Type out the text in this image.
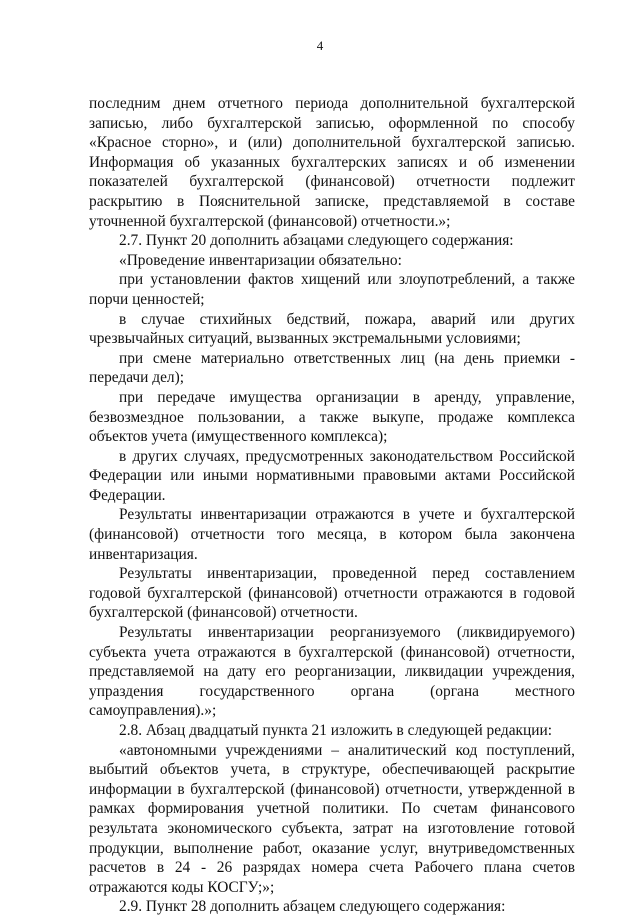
4

последним днем отчетного периода дополнительной бухгалтерской записью, либо бухгалтерской записью, оформленной по способу «Красное сторно», и (или) дополнительной бухгалтерской записью. Информация об указанных бухгалтерских записях и об изменении показателей бухгалтерской (финансовой) отчетности подлежит раскрытию в Пояснительной записке, представляемой в составе уточненной бухгалтерской (финансовой) отчетности.»;

2.7. Пункт 20 дополнить абзацами следующего содержания:

«Проведение инвентаризации обязательно:

при установлении фактов хищений или злоупотреблений, а также порчи ценностей;

в случае стихийных бедствий, пожара, аварий или других чрезвычайных ситуаций, вызванных экстремальными условиями;

при смене материально ответственных лиц (на день приемки - передачи дел);

при передаче имущества организации в аренду, управление, безвозмездное пользовании, а также выкупе, продаже комплекса объектов учета (имущественного комплекса);

в других случаях, предусмотренных законодательством Российской Федерации или иными нормативными правовыми актами Российской Федерации.

Результаты инвентаризации отражаются в учете и бухгалтерской (финансовой) отчетности того месяца, в котором была закончена инвентаризация.

Результаты инвентаризации, проведенной перед составлением годовой бухгалтерской (финансовой) отчетности отражаются в годовой бухгалтерской (финансовой) отчетности.

Результаты инвентаризации реорганизуемого (ликвидируемого) субъекта учета отражаются в бухгалтерской (финансовой) отчетности, представляемой на дату его реорганизации, ликвидации учреждения, упраздения государственного органа (органа местного самоуправления).»;

2.8. Абзац двадцатый пункта 21 изложить в следующей редакции:

«автономными учреждениями – аналитический код поступлений, выбытий объектов учета, в структуре, обеспечивающей раскрытие информации в бухгалтерской (финансовой) отчетности, утвержденной в рамках формирования учетной политики. По счетам финансового результата экономического субъекта, затрат на изготовление готовой продукции, выполнение работ, оказание услуг, внутриведомственных расчетов в 24 - 26 разрядах номера счета Рабочего плана счетов отражаются коды КОСГУ;»;

2.9. Пункт 28 дополнить абзацем следующего содержания:
